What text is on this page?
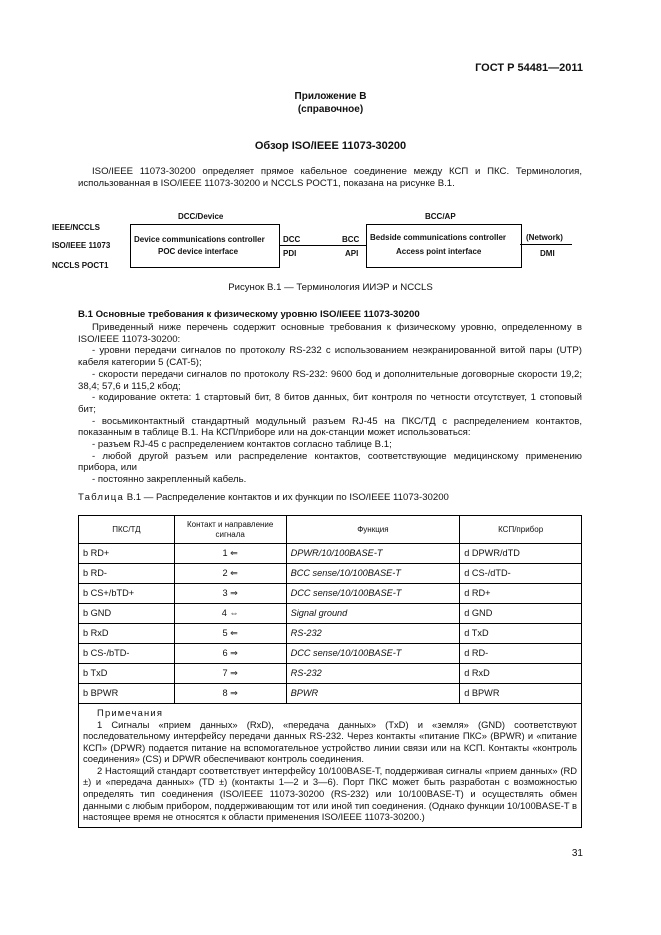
ГОСТ Р 54481—2011
Приложение В
(справочное)
Обзор ISO/IEEE 11073-30200

ISO/IEEE 11073-30200 определяет прямое кабельное соединение между КСП и ПКС. Терминология, использованная в ISO/IEEE 11073-30200 и NCCLS POCT1, показана на рисунке В.1.

IEEE/NCCLS
ISO/IEEE 11073
NCCLS POCT1
DCC/Device
Device communications controller
POC device interface
DCC
PDI
BCC
API
BCC/AP
Bedside communications controller
Access point interface
(Network)
DMI
Рисунок В.1 — Терминология ИИЭР и NCCLS
В.1 Основные требования к физическому уровню ISO/IEEE 11073-30200

Приведенный ниже перечень содержит основные требования к физическому уровню, определенному в ISO/IEEE 11073-30200:

- уровни передачи сигналов по протоколу RS-232 с использованием неэкранированной витой пары (UTP) кабеля категории 5 (CAT-5);

- скорости передачи сигналов по протоколу RS-232: 9600 бод и дополнительные договорные скорости 19,2; 38,4; 57,6 и 115,2 кбод;

- кодирование октета: 1 стартовый бит, 8 битов данных, бит контроля по четности отсутствует, 1 стоповый бит;

- восьмиконтактный стандартный модульный разъем RJ-45 на ПКС/ТД с распределением контактов, показанным в таблице В.1. На КСП/приборе или на док-станции может использоваться:

- разъем RJ-45 с распределением контактов согласно таблице В.1;

- любой другой разъем или распределение контактов, соответствующие медицинскому применению прибора, или

- постоянно закрепленный кабель.

Таблица В.1 — Распределение контактов и их функции по ISO/IEEE 11073-30200
ПКС/ТД	Контакт и направление сигнала	Функция	КСП/прибор
b RD+	1 ⇐	DPWR/10/100BASE-T	d DPWR/dTD
b RD-	2 ⇐	BCC sense/10/100BASE-T	d CS-/dTD-
b CS+/bTD+	3 ⇒	DCC sense/10/100BASE-T	d RD+
b GND	4 ⇔	Signal ground	d GND
b RxD	5 ⇐	RS-232	d TxD
b CS-/bTD-	6 ⇒	DCC sense/10/100BASE-T	d RD-
b TxD	7 ⇒	RS-232	d RxD
b BPWR	8 ⇒	BPWR	d BPWR

Примечания

1 Сигналы «прием данных» (RxD), «передача данных» (TxD) и «земля» (GND) соответствуют последовательному интерфейсу передачи данных RS-232. Через контакты «питание ПКС» (BPWR) и «питание КСП» (DPWR) подается питание на вспомогательное устройство линии связи или на КСП. Контакты «контроль соединения» (CS) и DPWR обеспечивают контроль соединения.

2 Настоящий стандарт соответствует интерфейсу 10/100BASE-T, поддерживая сигналы «прием данных» (RD ±) и «передача данных» (TD ±) (контакты 1—2 и 3—6). Порт ПКС может быть разработан с возможностью определять тип соединения (ISO/IEEE 11073-30200 (RS-232) или 10/100BASE-T) и осуществлять обмен данными с любым прибором, поддерживающим тот или иной тип соединения. (Однако функции 10/100BASE-T в настоящее время не относятся к области применения ISO/IEEE 11073-30200.)			

31
